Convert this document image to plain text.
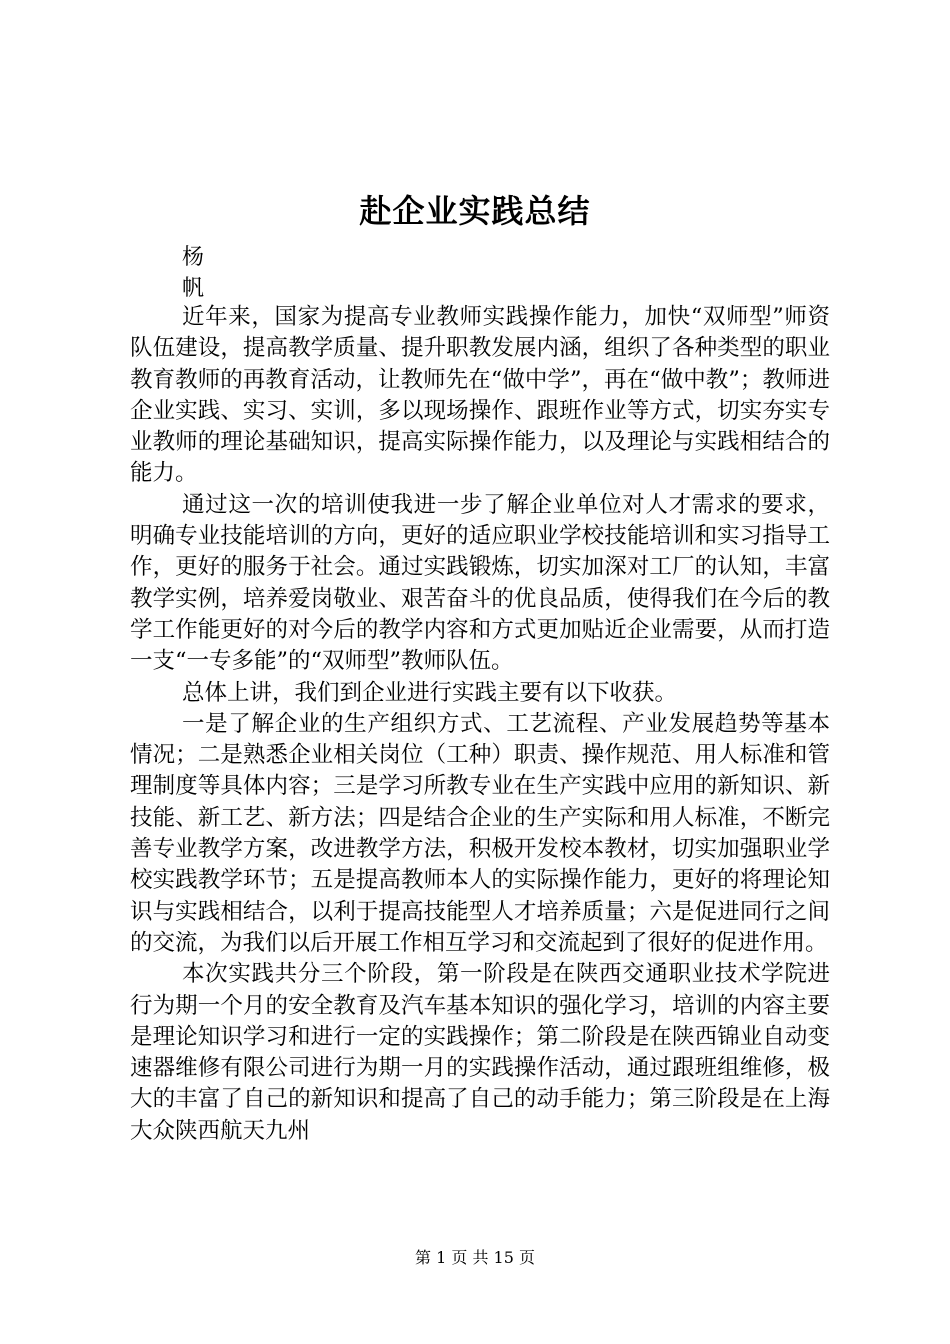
赴企业实践总结
杨
帆

近年来，国家为提高专业教师实践操作能力，加快“双师型”师资队伍建设，提高教学质量、提升职教发展内涵，组织了各种类型的职业教育教师的再教育活动，让教师先在“做中学”，再在“做中教”；教师进企业实践、实习、实训，多以现场操作、跟班作业等方式，切实夯实专业教师的理论基础知识，提高实际操作能力，以及理论与实践相结合的能力。

通过这一次的培训使我进一步了解企业单位对人才需求的要求，明确专业技能培训的方向，更好的适应职业学校技能培训和实习指导工作，更好的服务于社会。通过实践锻炼，切实加深对工厂的认知，丰富教学实例，培养爱岗敬业、艰苦奋斗的优良品质，使得我们在今后的教学工作能更好的对今后的教学内容和方式更加贴近企业需要，从而打造一支“一专多能”的“双师型”教师队伍。

总体上讲，我们到企业进行实践主要有以下收获。

一是了解企业的生产组织方式、工艺流程、产业发展趋势等基本情况；二是熟悉企业相关岗位（工种）职责、操作规范、用人标准和管理制度等具体内容；三是学习所教专业在生产实践中应用的新知识、新技能、新工艺、新方法；四是结合企业的生产实际和用人标准，不断完善专业教学方案，改进教学方法，积极开发校本教材，切实加强职业学校实践教学环节；五是提高教师本人的实际操作能力，更好的将理论知识与实践相结合，以利于提高技能型人才培养质量；六是促进同行之间的交流，为我们以后开展工作相互学习和交流起到了很好的促进作用。

本次实践共分三个阶段，第一阶段是在陕西交通职业技术学院进行为期一个月的安全教育及汽车基本知识的强化学习，培训的内容主要是理论知识学习和进行一定的实践操作；第二阶段是在陕西锦业自动变速器维修有限公司进行为期一月的实践操作活动，通过跟班组维修，极大的丰富了自己的新知识和提高了自己的动手能力；第三阶段是在上海大众陕西航天九州

第 1 页 共 15 页
